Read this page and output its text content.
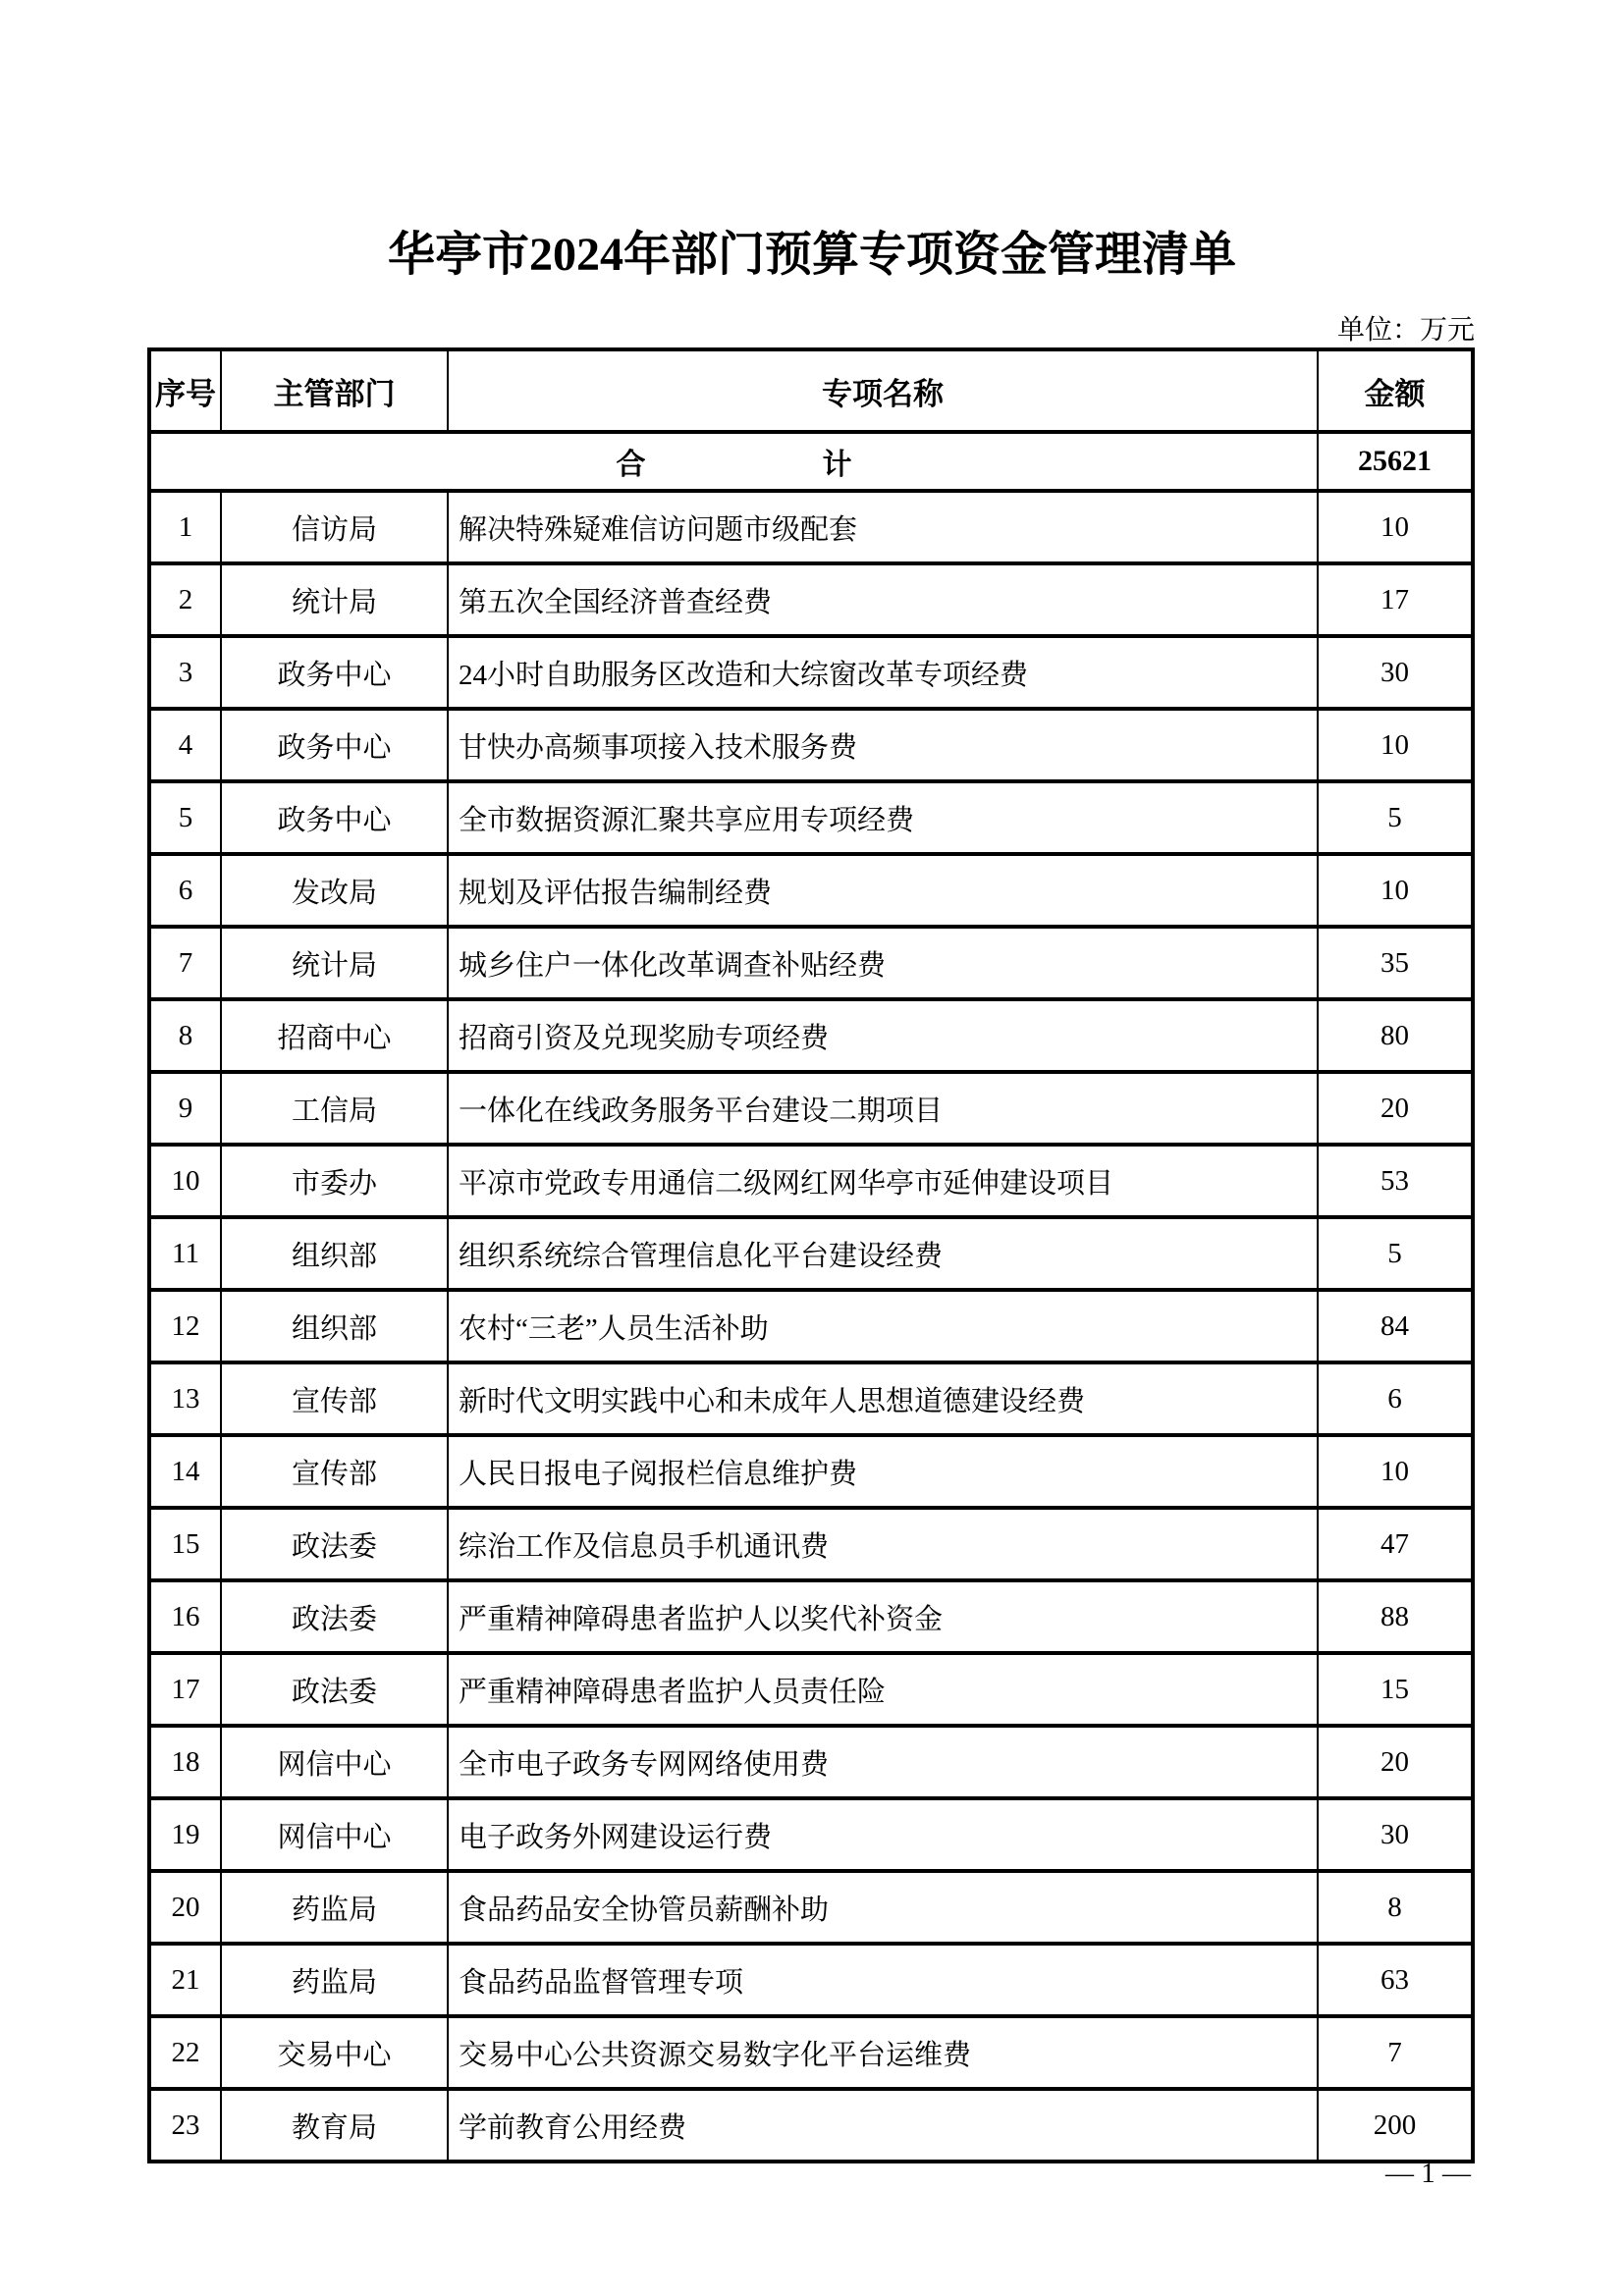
华亭市2024年部门预算专项资金管理清单
单位：万元
序号	主管部门	专项名称	金额
合　　　　　　计	25621
1	信访局	解决特殊疑难信访问题市级配套	10
2	统计局	第五次全国经济普查经费	17
3	政务中心	24小时自助服务区改造和大综窗改革专项经费	30
4	政务中心	甘快办高频事项接入技术服务费	10
5	政务中心	全市数据资源汇聚共享应用专项经费	5
6	发改局	规划及评估报告编制经费	10
7	统计局	城乡住户一体化改革调查补贴经费	35
8	招商中心	招商引资及兑现奖励专项经费	80
9	工信局	一体化在线政务服务平台建设二期项目	20
10	市委办	平凉市党政专用通信二级网红网华亭市延伸建设项目	53
11	组织部	组织系统综合管理信息化平台建设经费	5
12	组织部	农村“三老”人员生活补助	84
13	宣传部	新时代文明实践中心和未成年人思想道德建设经费	6
14	宣传部	人民日报电子阅报栏信息维护费	10
15	政法委	综治工作及信息员手机通讯费	47
16	政法委	严重精神障碍患者监护人以奖代补资金	88
17	政法委	严重精神障碍患者监护人员责任险	15
18	网信中心	全市电子政务专网网络使用费	20
19	网信中心	电子政务外网建设运行费	30
20	药监局	食品药品安全协管员薪酬补助	8
21	药监局	食品药品监督管理专项	63
22	交易中心	交易中心公共资源交易数字化平台运维费	7
23	教育局	学前教育公用经费	200
— 1 —
